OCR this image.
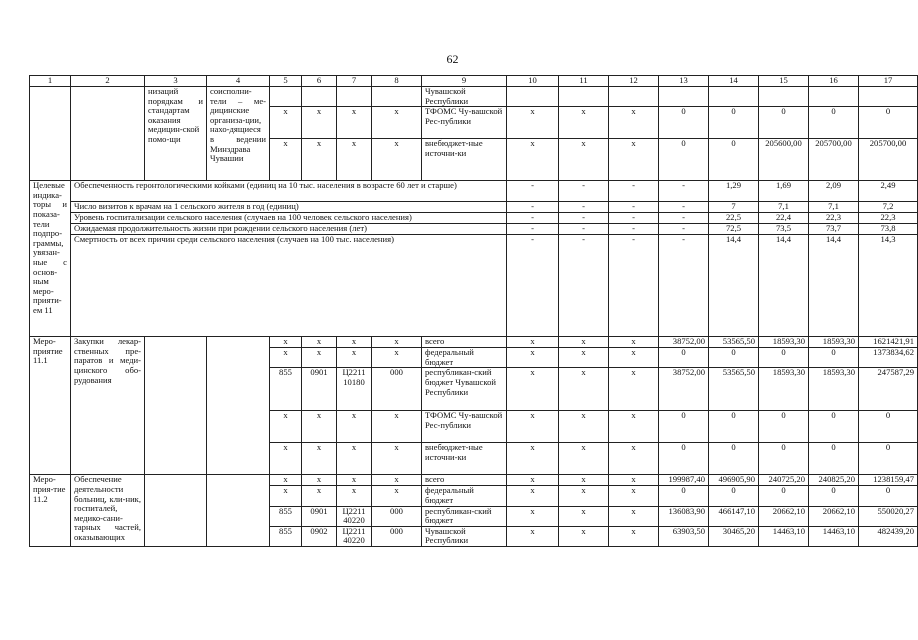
62
1	2	3	4	5	6	7	8	9	10	11	12	13	14	15	16	17
		низаций порядкам и стандартам оказания медицин-ской помо-щи	соисполни-тели – ме-дицинские организа-ции, нахо-дящиеся в ведении Минздрава Чувашии					Чувашской Республики								
				x	x	x	x	ТФОМС Чу-вашской Рес-публики	x	x	x	0	0	0	0	0
				x	x	x	x	внебюджет-ные источни-ки	x	x	x	0	0	205600,00	205700,00	205700,00
Целевые индика-торы и показа-тели подпро-граммы, увязан-ные с основ-ным меро-прияти-ем 11	Обеспеченность геронтологическими койками (единиц на 10 тыс. населения в возрасте 60 лет и старше)								-	-	-	-	1,29	1,69	2,09	2,49
	Число визитов к врачам на 1 сельского жителя в год (единиц)								-	-	-	-	7	7,1	7,1	7,2
	Уровень госпитализации сельского населения (случаев на 100 человек сельского населения)								-	-	-	-	22,5	22,4	22,3	22,3
	Ожидаемая продолжительность жизни при рождении сельского населения (лет)								-	-	-	-	72,5	73,5	73,7	73,8
	Смертность от всех причин среди сельского населения (случаев на 100 тыс. населения)								-	-	-	-	14,4	14,4	14,4	14,3
Меро-приятие 11.1	Закупки лекар-ственных пре-паратов и меди-цинского обо-рудования			x	x	x	x	всего	x	x	x	38752,00	53565,50	18593,30	18593,30	1621421,91
				x	x	x	x	федеральный бюджет	x	x	x	0	0	0	0	1373834,62
				855	0901	Ц2211 10180	000	республикан-ский бюджет Чувашской Республики	x	x	x	38752,00	53565,50	18593,30	18593,30	247587,29
				x	x	x	x	ТФОМС Чу-вашской Рес-публики	x	x	x	0	0	0	0	0
				x	x	x	x	внебюджет-ные источни-ки	x	x	x	0	0	0	0	0
Меро-прия-тие 11.2	Обеспечение деятельности больниц, кли-ник, госпиталей, медико-сани-тарных частей, оказывающих			x	x	x	x	всего	x	x	x	199987,40	496905,90	240725,20	240825,20	1238159,47
				x	x	x	x	федеральный бюджет	x	x	x	0	0	0	0	0
				855	0901	Ц2211 40220	000	республикан-ский бюджет	x	x	x	136083,90	466147,10	20662,10	20662,10	550020,27
				855	0902	Ц2211 40220	000	Чувашской Республики	x	x	x	63903,50	30465,20	14463,10	14463,10	482439,20
